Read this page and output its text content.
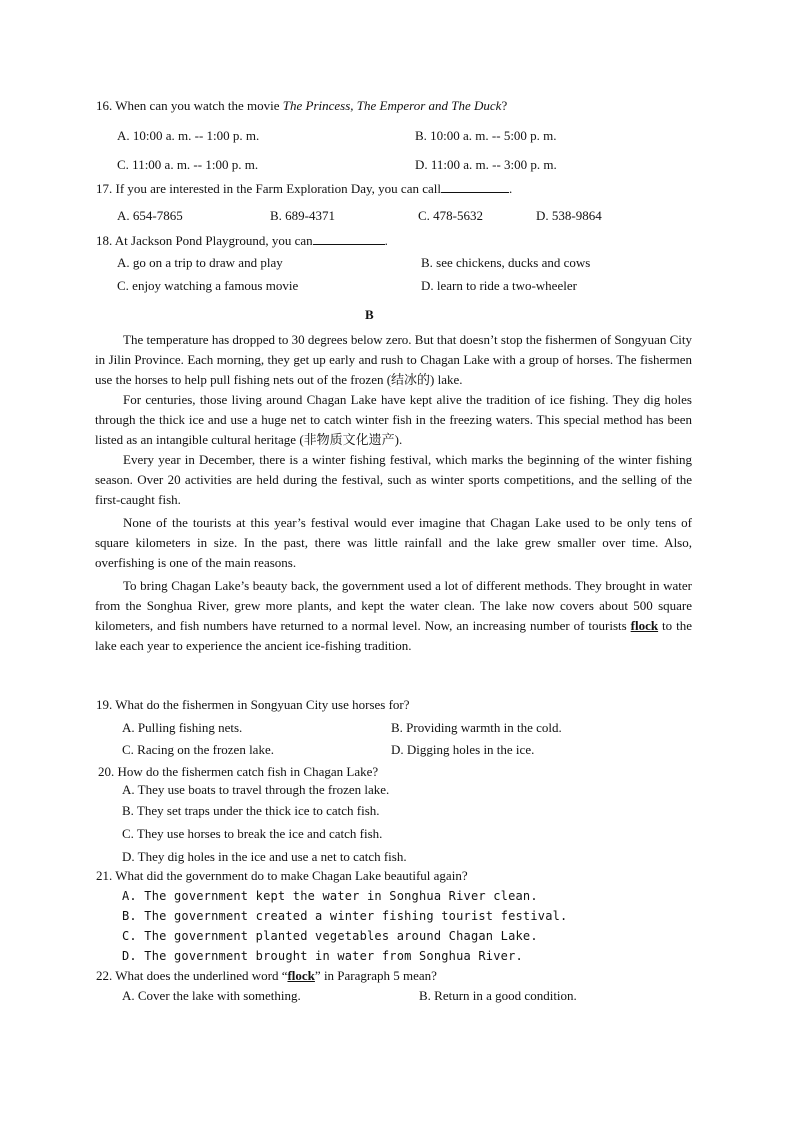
16. When can you watch the movie The Princess, The Emperor and The Duck?
A. 10:00 a. m. -- 1:00 p. m.	B. 10:00 a. m. -- 5:00 p. m.
C. 11:00 a. m. -- 1:00 p. m.	D. 11:00 a. m. -- 3:00 p. m.
17. If you are interested in the Farm Exploration Day, you can call	.
A. 654-7865	B. 689-4371	C. 478-5632	D. 538-9864
18. At Jackson Pond Playground, you can	.
A. go on a trip to draw and play	B. see chickens, ducks and cows
C. enjoy watching a famous movie	D. learn to ride a two-wheeler
B

The temperature has dropped to 30 degrees below zero. But that doesn’t stop the fishermen of Songyuan City in Jilin Province. Each morning, they get up early and rush to Chagan Lake with a group of horses. The fishermen use the horses to help pull fishing nets out of the frozen (结冰的) lake.

For centuries, those living around Chagan Lake have kept alive the tradition of ice fishing. They dig holes through the thick ice and use a huge net to catch winter fish in the freezing waters. This special method has been listed as an intangible cultural heritage (非物质文化遗产).

Every year in December, there is a winter fishing festival, which marks the beginning of the winter fishing season. Over 20 activities are held during the festival, such as winter sports competitions, and the selling of the first-caught fish.

None of the tourists at this year’s festival would ever imagine that Chagan Lake used to be only tens of square kilometers in size. In the past, there was little rainfall and the lake grew smaller over time. Also, overfishing is one of the main reasons.

To bring Chagan Lake’s beauty back, the government used a lot of different methods. They brought in water from the Songhua River, grew more plants, and kept the water clean. The lake now covers about 500 square kilometers, and fish numbers have returned to a normal level. Now, an increasing number of tourists flock to the lake each year to experience the ancient ice-fishing tradition.

19. What do the fishermen in Songyuan City use horses for?
A. Pulling fishing nets.	B. Providing warmth in the cold.
C. Racing on the frozen lake.	D. Digging holes in the ice.
20. How do the fishermen catch fish in Chagan Lake?
A. They use boats to travel through the frozen lake.
B. They set traps under the thick ice to catch fish.
C. They use horses to break the ice and catch fish.
D. They dig holes in the ice and use a net to catch fish.
21. What did the government do to make Chagan Lake beautiful again?
A. The government kept the water in Songhua River clean.
B. The government created a winter fishing tourist festival.
C. The government planted vegetables around Chagan Lake.
D. The government brought in water from Songhua River.
22. What does the underlined word “flock” in Paragraph 5 mean?
A. Cover the lake with something.	B. Return in a good condition.
